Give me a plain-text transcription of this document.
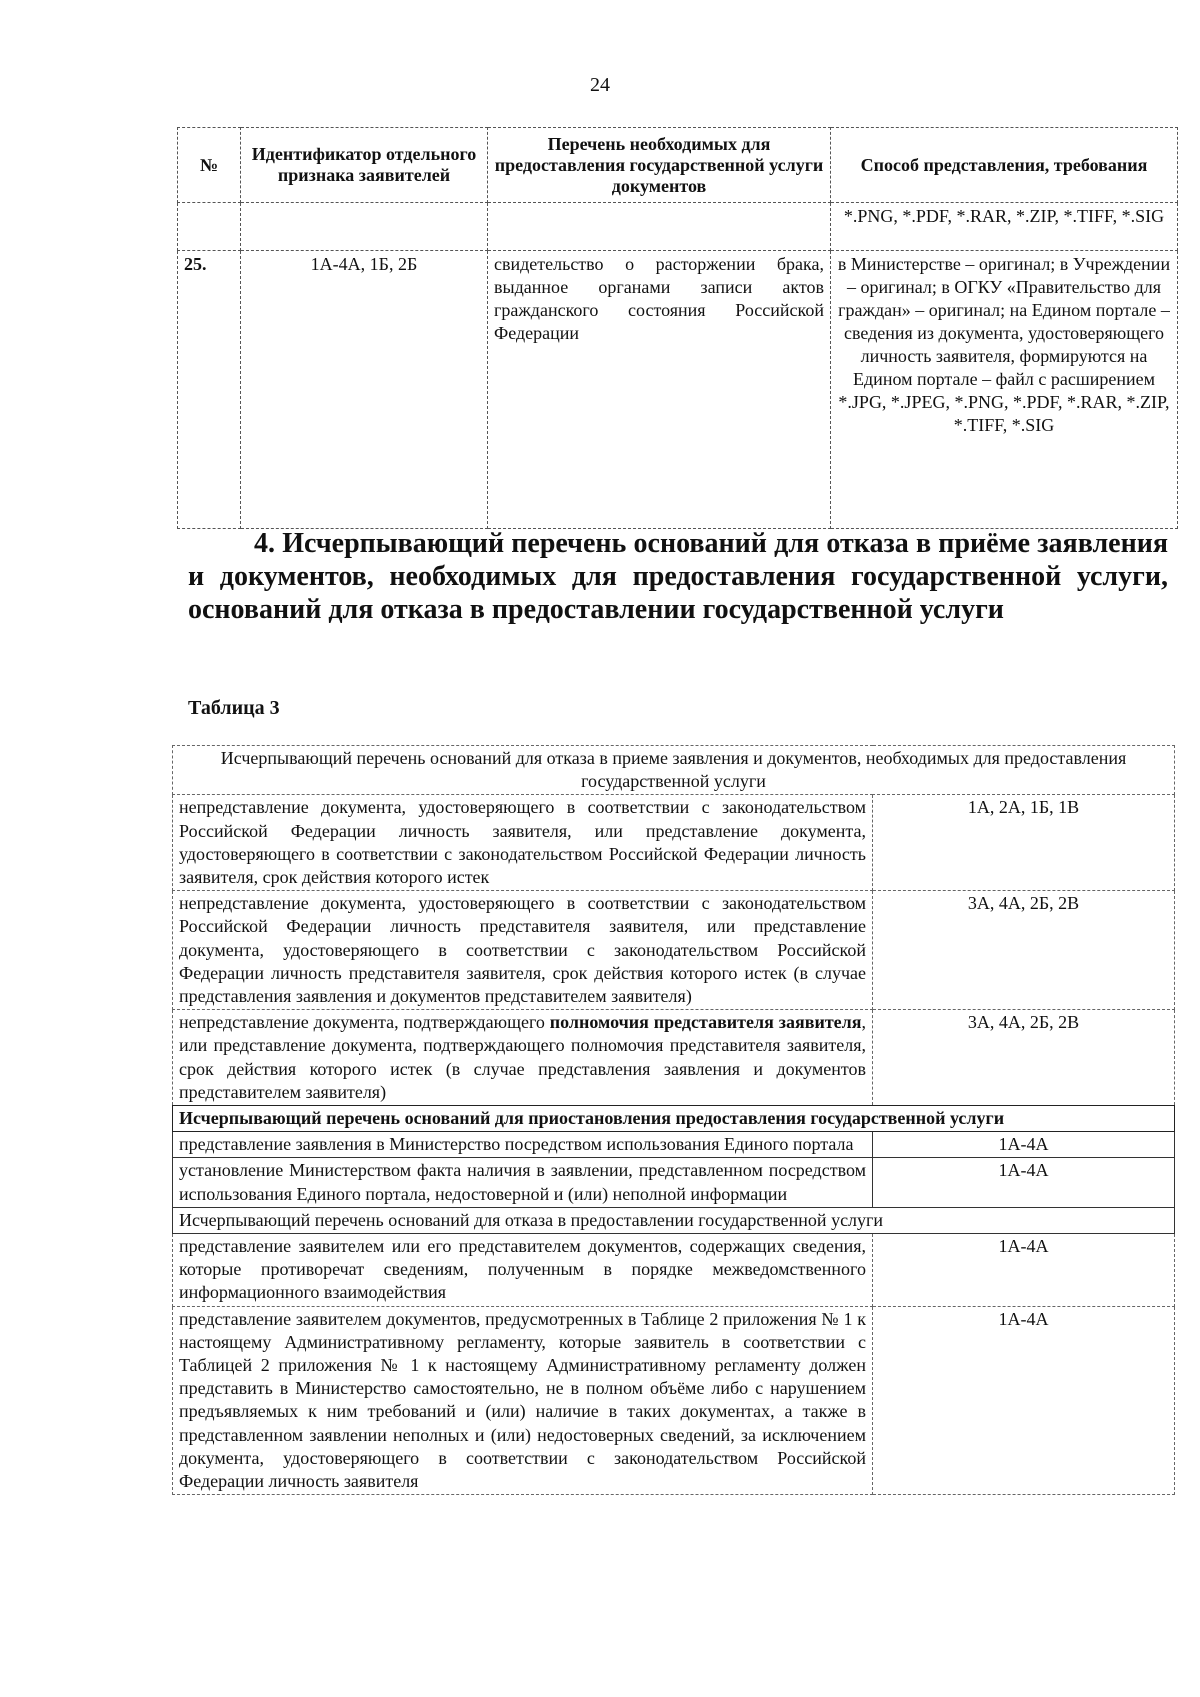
24
№	Идентификатор отдельного признака заявителей	Перечень необходимых для предоставления государственной услуги документов	Способ представления, требования
			*.PNG, *.PDF, *.RAR, *.ZIP, *.TIFF, *.SIG
25.	1А-4А, 1Б, 2Б	свидетельство о расторжении брака, выданное органами записи актов гражданского состояния Российской Федерации	в Министерстве – оригинал; в Учреждении – оригинал; в ОГКУ «Правительство для граждан» – оригинал; на Едином портале – сведения из документа, удостоверяющего личность заявителя, формируются на Едином портале – файл с расширением *.JPG, *.JPEG, *.PNG, *.PDF, *.RAR, *.ZIP, *.TIFF, *.SIG
4. Исчерпывающий перечень оснований для отказа в приёме заявления и документов, необходимых для предоставления государственной услуги, оснований для отказа в предоставлении государственной услуги
Таблица 3
Исчерпывающий перечень оснований для отказа в приеме заявления и документов, необходимых для предоставления государственной услуги	
непредставление документа, удостоверяющего в соответствии с законодательством Российской Федерации личность заявителя, или представление документа, удостоверяющего в соответствии с законодательством Российской Федерации личность заявителя, срок действия которого истек	1А, 2А, 1Б, 1В
непредставление документа, удостоверяющего в соответствии с законодательством Российской Федерации личность представителя заявителя, или представление документа, удостоверяющего в соответствии с законодательством Российской Федерации личность представителя заявителя, срок действия которого истек (в случае представления заявления и документов представителем заявителя)	3А, 4А, 2Б, 2В
непредставление документа, подтверждающего полномочия представителя заявителя, или представление документа, подтверждающего полномочия представителя заявителя, срок действия которого истек (в случае представления заявления и документов представителем заявителя)	3А, 4А, 2Б, 2В
Исчерпывающий перечень оснований для приостановления предоставления государственной услуги	
представление заявления в Министерство посредством использования Единого портала	1А-4А
установление Министерством факта наличия в заявлении, представленном посредством использования Единого портала, недостоверной и (или) неполной информации	1А-4А
Исчерпывающий перечень оснований для отказа в предоставлении государственной услуги	
представление заявителем или его представителем документов, содержащих сведения, которые противоречат сведениям, полученным в порядке межведомственного информационного взаимодействия	1А-4А
представление заявителем документов, предусмотренных в Таблице 2 приложения № 1 к настоящему Административному регламенту, которые заявитель в соответствии с Таблицей 2 приложения № 1 к настоящему Административному регламенту должен представить в Министерство самостоятельно, не в полном объёме либо с нарушением предъявляемых к ним требований и (или) наличие в таких документах, а также в представленном заявлении неполных и (или) недостоверных сведений, за исключением документа, удостоверяющего в соответствии с законодательством Российской Федерации личность заявителя	1А-4А
